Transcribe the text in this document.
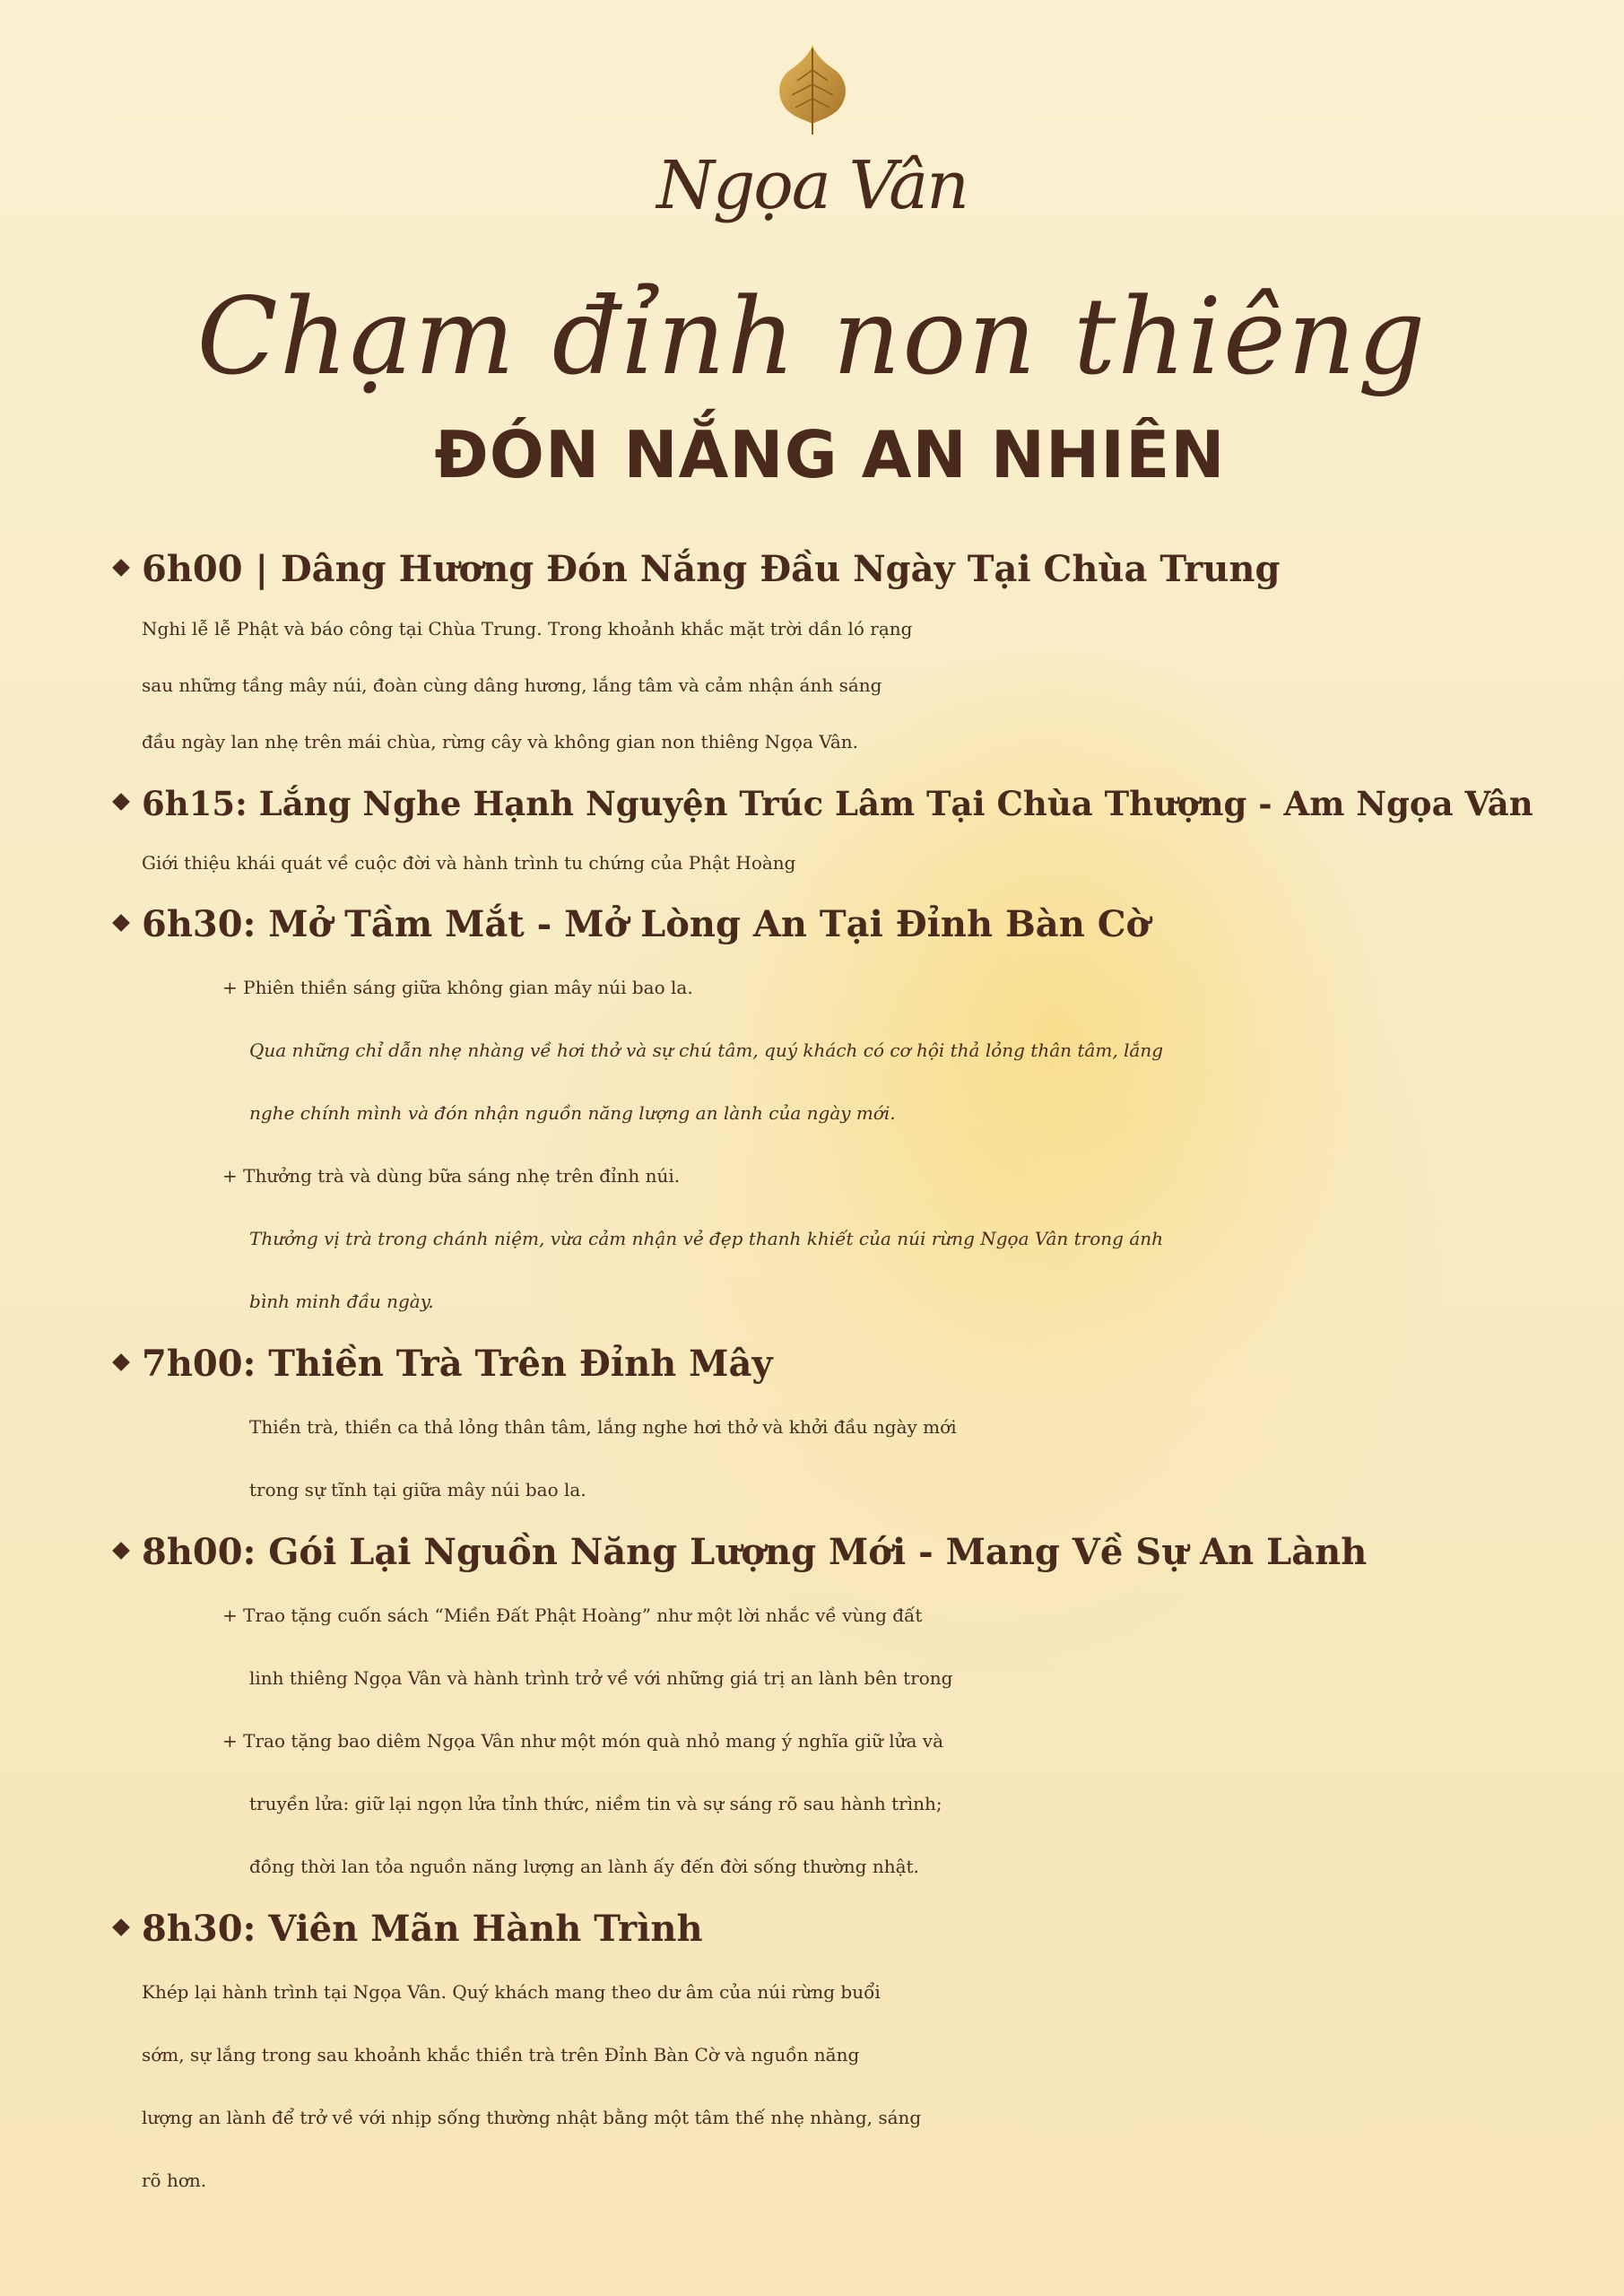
Ngọa Vân
Chạm đỉnh non thiêng
ĐÓN NẮNG AN NHIÊN
6h00 | Dâng Hương Đón Nắng Đầu Ngày Tại Chùa Trung
Nghi lễ lễ Phật và báo công tại Chùa Trung. Trong khoảnh khắc mặt trời dần ló rạng
sau những tầng mây núi, đoàn cùng dâng hương, lắng tâm và cảm nhận ánh sáng
đầu ngày lan nhẹ trên mái chùa, rừng cây và không gian non thiêng Ngọa Vân.
6h15: Lắng Nghe Hạnh Nguyện Trúc Lâm Tại Chùa Thượng - Am Ngọa Vân
Giới thiệu khái quát về cuộc đời và hành trình tu chứng của Phật Hoàng
6h30: Mở Tầm Mắt - Mở Lòng An Tại Đỉnh Bàn Cờ
+ Phiên thiền sáng giữa không gian mây núi bao la.
Qua những chỉ dẫn nhẹ nhàng về hơi thở và sự chú tâm, quý khách có cơ hội thả lỏng thân tâm, lắng
nghe chính mình và đón nhận nguồn năng lượng an lành của ngày mới.
+ Thưởng trà và dùng bữa sáng nhẹ trên đỉnh núi.
Thưởng vị trà trong chánh niệm, vừa cảm nhận vẻ đẹp thanh khiết của núi rừng Ngọa Vân trong ánh
bình minh đầu ngày.
7h00: Thiền Trà Trên Đỉnh Mây
Thiền trà, thiền ca thả lỏng thân tâm, lắng nghe hơi thở và khởi đầu ngày mới
trong sự tĩnh tại giữa mây núi bao la.
8h00: Gói Lại Nguồn Năng Lượng Mới - Mang Về Sự An Lành
+ Trao tặng cuốn sách “Miền Đất Phật Hoàng” như một lời nhắc về vùng đất
linh thiêng Ngọa Vân và hành trình trở về với những giá trị an lành bên trong
+ Trao tặng bao diêm Ngọa Vân như một món quà nhỏ mang ý nghĩa giữ lửa và
truyền lửa: giữ lại ngọn lửa tỉnh thức, niềm tin và sự sáng rõ sau hành trình;
đồng thời lan tỏa nguồn năng lượng an lành ấy đến đời sống thường nhật.
8h30: Viên Mãn Hành Trình
Khép lại hành trình tại Ngọa Vân. Quý khách mang theo dư âm của núi rừng buổi
sớm, sự lắng trong sau khoảnh khắc thiền trà trên Đỉnh Bàn Cờ và nguồn năng
lượng an lành để trở về với nhịp sống thường nhật bằng một tâm thế nhẹ nhàng, sáng
rõ hơn.
